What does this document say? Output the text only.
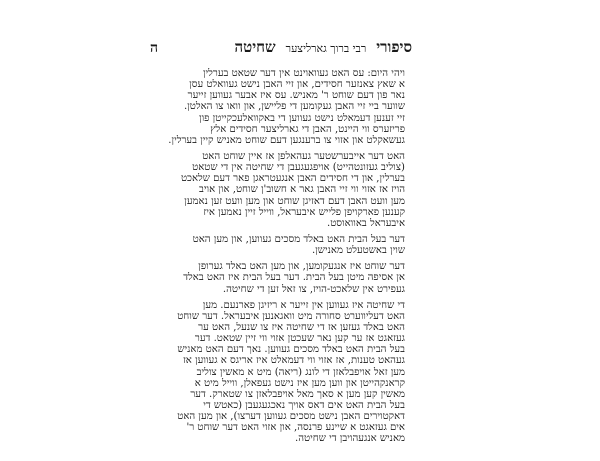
סיפורי
רבי ברוך גארליצער
שחיטה
ה
ויהי היום: עס האט געוואוינט אין דער שטאט בערלין
א שאץ צאנזער חסידים, און זיי האבן נישט געוואלט עסן
נאר פון דעם שוחט ר' מאניש. עס איז אבער געווען זייער
שווער ביי זיי האבן געקומען די פליישן, און וואו צו האלטן.
זיי זענען דעמאלט נישט געווען די באקוואלעכקייטן פון
פריזערס ווי היינט, האבן די גארליצער חסידים אלץ
געשאקלט און אזוי צו ברענגען דעם שוחט מאניש קיין בערלין.
האט דער אייבערשטער געהאלפן אז איין שוחט האט
(צוליב געזונטהייט) אויפגעגעבן די שחיטה אין די שטאט
בערלין, און די חסידים האבן אנגעטראגן פאר דעם שלאכט
הויז אז אזוי ווי זיי האבן גאר א חשוב'ן שוחט, און אויב
מען וועט האבן דעם דאזיגן שוחט און מען וועט זען נאמען
קענען פארקויפן פלייש איבעראל, ווייל זיין נאמען איז
איבעראל באוואוסט.
דער בעל הבית האט באלד מסכים געווען, און מען האט
שוין באשטעלט מאנישן.
דער שוחט איז אנגעקומען, און מען האט באלד גערופן
אן אסיפה מיטן בעל הבית. דער בעל הבית איז האט באלד
געפירט אין שלאכט-הויז, צו זאל זען די שחיטה.
די שחיטה איז געווען אין זייער א ריזיגן פארנעם. מען
האט דעליווערט סחורה מיט וואגאנען איבעראל. דער שוחט
האט באלד געזען אז די שחיטה איז צו שנעל, האט ער
געזאגט אז ער קען נאר שעכטן אזוי ווי זיין שטאט. דער
בעל הבית האט באלד מסכים געווען. נאך דעם האט מאניש
געהאט טענות, אז אזוי ווי דעמאלט איז אריגס א געווען אז
מען זאל אויפבלאזן די לונג (ריאה) מיט א מאשין צוליב
קראנקהייטן און ווען מען איז נישט געפאלן, ווייל מיט א
מאשין קען מען א סאך מאל אויפבלאזן צו שטארק. דער
בעל הבית האט אים דאס אויך נאכגעגעבן (כאטש די
דאקטוירים האבן נישט מסכים געווען דערצו), און מען האט
אים געזאגט א שיינע פרנסה, און אזוי האט דער שוחט ר'
מאניש אנגעהויבן די שחיטה.
